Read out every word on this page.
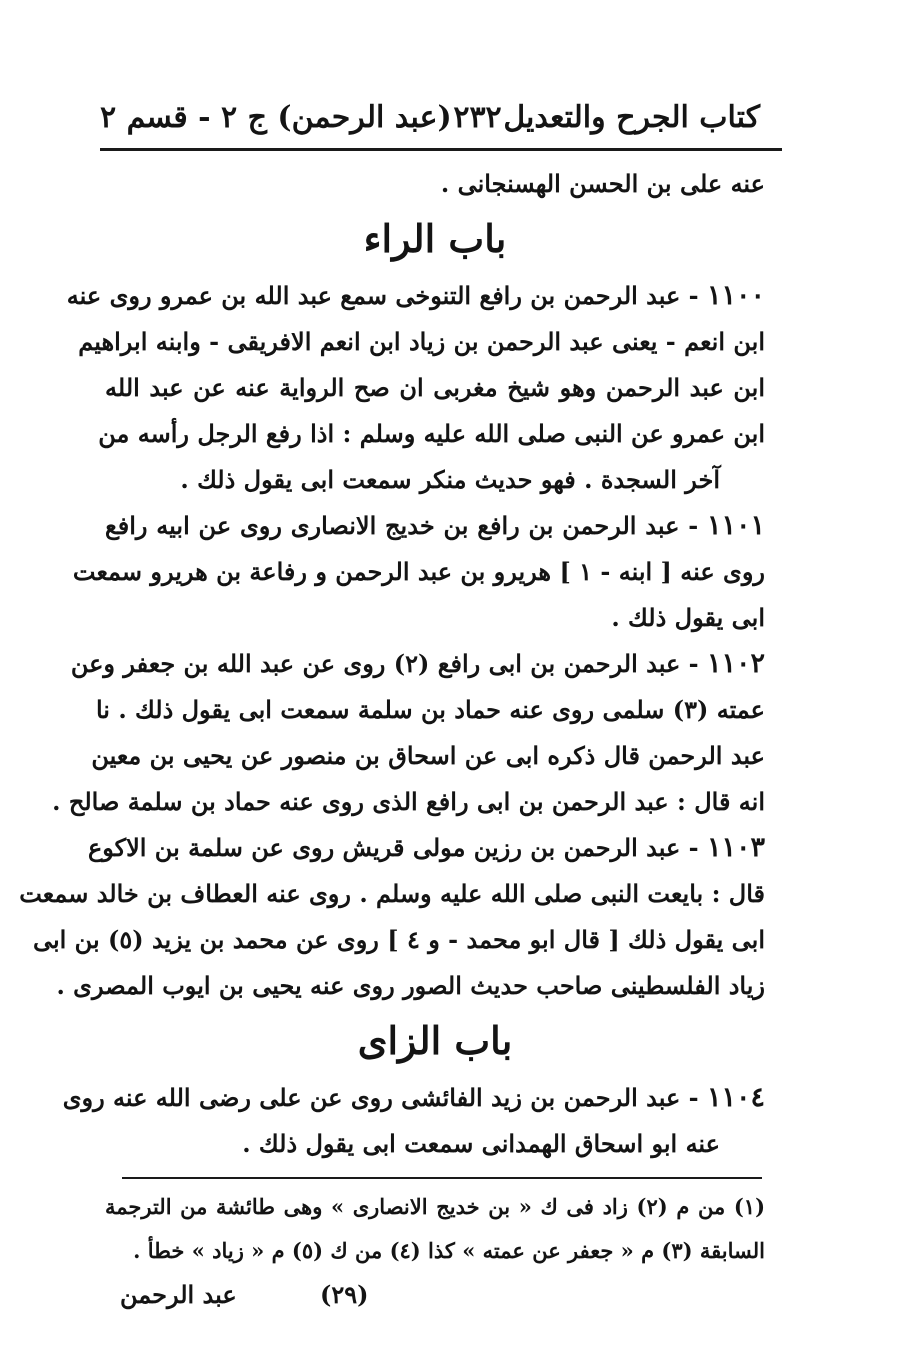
كتاب الجرح والتعديل
٢٣٢
(عبد الرحمن) ج ٢ - قسم ٢
عنه على بن الحسن الهسنجانى .
باب الراء
١١٠٠ - عبد الرحمن بن رافع التنوخى سمع عبد الله بن عمرو روى عنه
ابن انعم - يعنى عبد الرحمن بن زياد ابن انعم الافريقى - وابنه ابراهيم
ابن عبد الرحمن وهو شيخ مغربى ان صح الرواية عنه عن عبد الله
ابن عمرو عن النبى صلى الله عليه وسلم : اذا رفع الرجل رأسه من
آخر السجدة . فهو حديث منكر سمعت ابى يقول ذلك .
١١٠١ - عبد الرحمن بن رافع بن خديج الانصارى روى عن ابيه رافع
روى عنه [ ابنه - ١ ] هريرو بن عبد الرحمن و رفاعة بن هريرو سمعت
ابى يقول ذلك .
١١٠٢ - عبد الرحمن بن ابى رافع (٢) روى عن عبد الله بن جعفر وعن
عمته (٣) سلمى روى عنه حماد بن سلمة سمعت ابى يقول ذلك . نا
عبد الرحمن قال ذكره ابى عن اسحاق بن منصور عن يحيى بن معين
انه قال : عبد الرحمن بن ابى رافع الذى روى عنه حماد بن سلمة صالح .
١١٠٣ - عبد الرحمن بن رزين مولى قريش روى عن سلمة بن الاكوع
قال : بايعت النبى صلى الله عليه وسلم . روى عنه العطاف بن خالد سمعت
ابى يقول ذلك [ قال ابو محمد - و ٤ ] روى عن محمد بن يزيد (٥) بن ابى
زياد الفلسطينى صاحب حديث الصور روى عنه يحيى بن ايوب المصرى .
باب الزاى
١١٠٤ - عبد الرحمن بن زيد الفائشى روى عن على رضى الله عنه روى
عنه ابو اسحاق الهمدانى سمعت ابى يقول ذلك .
(١) من م (٢) زاد فى ك « بن خديج الانصارى » وهى طائشة من الترجمة
السابقة (٣) م « جعفر عن عمته » كذا (٤) من ك (٥) م « زياد » خطأ .
عبد الرحمن	(٢٩)
